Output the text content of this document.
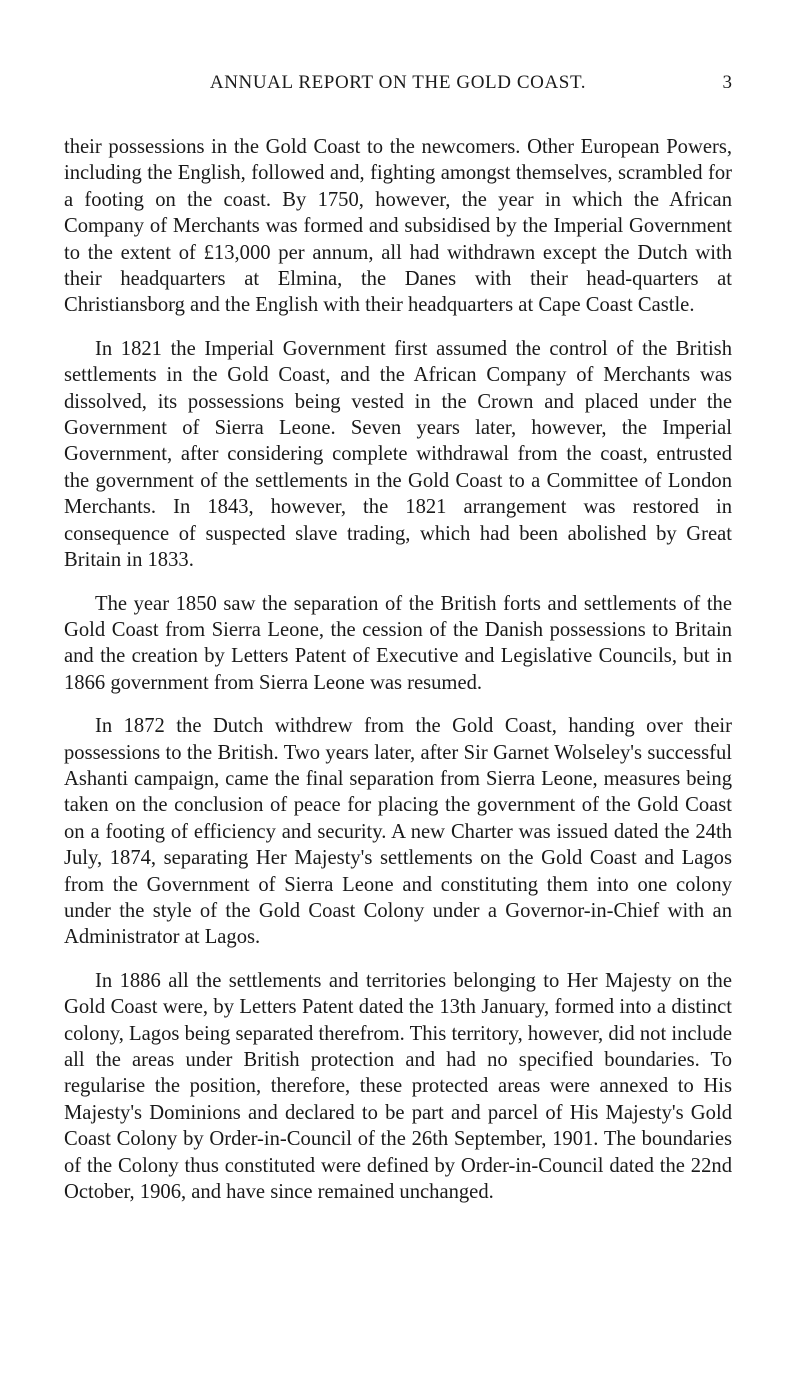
ANNUAL REPORT ON THE GOLD COAST.	3

their possessions in the Gold Coast to the newcomers. Other European Powers, including the English, followed and, fighting amongst themselves, scrambled for a footing on the coast. By 1750, however, the year in which the African Company of Merchants was formed and subsidised by the Imperial Government to the extent of £13,000 per annum, all had withdrawn except the Dutch with their headquarters at Elmina, the Danes with their head-quarters at Christiansborg and the English with their headquarters at Cape Coast Castle.

In 1821 the Imperial Government first assumed the control of the British settlements in the Gold Coast, and the African Company of Merchants was dissolved, its possessions being vested in the Crown and placed under the Government of Sierra Leone. Seven years later, however, the Imperial Government, after considering complete withdrawal from the coast, entrusted the government of the settlements in the Gold Coast to a Committee of London Merchants. In 1843, however, the 1821 arrangement was restored in consequence of suspected slave trading, which had been abolished by Great Britain in 1833.

The year 1850 saw the separation of the British forts and settlements of the Gold Coast from Sierra Leone, the cession of the Danish possessions to Britain and the creation by Letters Patent of Executive and Legislative Councils, but in 1866 government from Sierra Leone was resumed.

In 1872 the Dutch withdrew from the Gold Coast, handing over their possessions to the British. Two years later, after Sir Garnet Wolseley's successful Ashanti campaign, came the final separation from Sierra Leone, measures being taken on the conclusion of peace for placing the government of the Gold Coast on a footing of efficiency and security. A new Charter was issued dated the 24th July, 1874, separating Her Majesty's settlements on the Gold Coast and Lagos from the Government of Sierra Leone and constituting them into one colony under the style of the Gold Coast Colony under a Governor-in-Chief with an Administrator at Lagos.

In 1886 all the settlements and territories belonging to Her Majesty on the Gold Coast were, by Letters Patent dated the 13th January, formed into a distinct colony, Lagos being separated therefrom. This territory, however, did not include all the areas under British protection and had no specified boundaries. To regularise the position, therefore, these protected areas were annexed to His Majesty's Dominions and declared to be part and parcel of His Majesty's Gold Coast Colony by Order-in-Council of the 26th September, 1901. The boundaries of the Colony thus constituted were defined by Order-in-Council dated the 22nd October, 1906, and have since remained unchanged.
